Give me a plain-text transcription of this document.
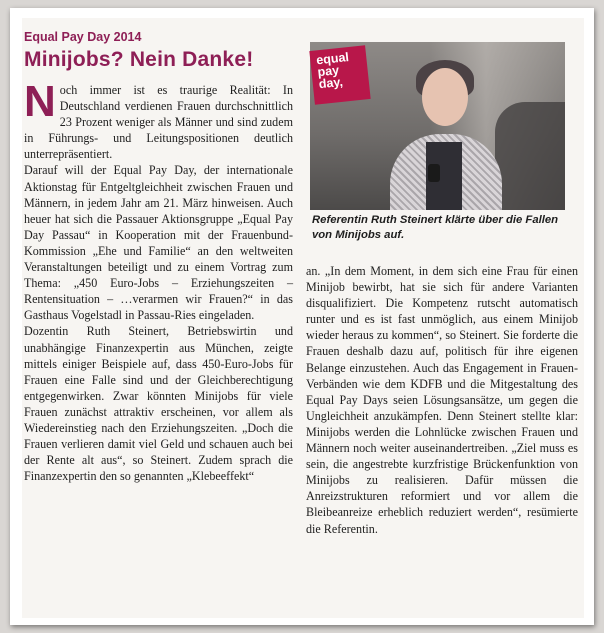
Equal Pay Day 2014
Minijobs? Nein Danke!

Noch immer ist es traurige Realität: In Deutschland verdienen Frauen durchschnittlich 23 Prozent weniger als Männer und sind zudem in Führungs- und Leitungspositionen deutlich unterrepräsentiert.

Darauf will der Equal Pay Day, der internationale Aktionstag für Entgeltgleichheit zwischen Frauen und Männern, in jedem Jahr am 21. März hinweisen. Auch heuer hat sich die Passauer Aktionsgruppe „Equal Pay Day Passau“ in Kooperation mit der Frauenbund-Kommission „Ehe und Familie“ an den weltweiten Veranstaltungen beteiligt und zu einem Vortrag zum Thema: „450 Euro-Jobs – Erziehungszeiten – Rentensituation – …verarmen wir Frauen?“ in das Gasthaus Vogelstadl in Passau-Ries eingeladen.

Dozentin Ruth Steinert, Betriebswirtin und unabhängige Finanzexpertin aus München, zeigte mittels einiger Beispiele auf, dass 450-Euro-Jobs für Frauen eine Falle sind und der Gleichberechtigung entgegenwirken. Zwar könnten Minijobs für viele Frauen zunächst attraktiv erscheinen, vor allem als Wiedereinstieg nach den Erziehungszeiten. „Doch die Frauen verlieren damit viel Geld und schauen auch bei der Rente alt aus“, so Steinert. Zudem sprach die Finanzexpertin den so genannten „Klebeeffekt“

equal
pay
day,
Referentin Ruth Steinert klärte über die Fallen von Minijobs auf.

an. „In dem Moment, in dem sich eine Frau für einen Minijob bewirbt, hat sie sich für andere Varianten disqualifiziert. Die Kompetenz rutscht automatisch runter und es ist fast unmöglich, aus einem Minijob wieder heraus zu kommen“, so Steinert. Sie forderte die Frauen deshalb dazu auf, politisch für ihre eigenen Belange einzustehen. Auch das Engagement in Frauen-Verbänden wie dem KDFB und die Mitgestaltung des Equal Pay Days seien Lösungsansätze, um gegen die Ungleichheit anzukämpfen. Denn Steinert stellte klar: Minijobs werden die Lohnlücke zwischen Frauen und Männern noch weiter auseinandertreiben. „Ziel muss es sein, die angestrebte kurzfristige Brückenfunktion von Minijobs zu realisieren. Dafür müssen die Anreizstrukturen reformiert und vor allem die Bleibeanreize erheblich reduziert werden“, resümierte die Referentin.
